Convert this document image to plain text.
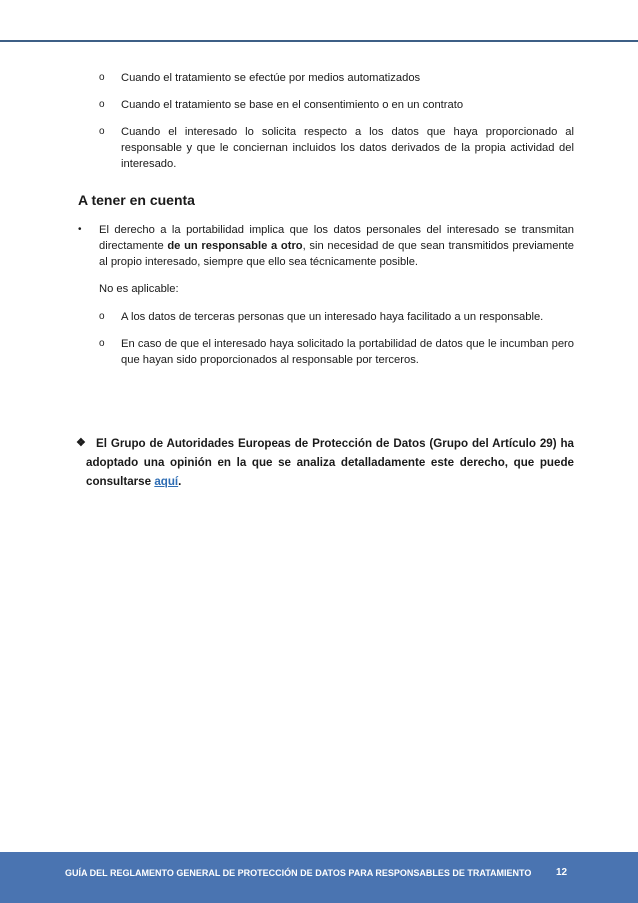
o Cuando el tratamiento se efectúe por medios automatizados
o Cuando el tratamiento se base en el consentimiento o en un contrato
o Cuando el interesado lo solicita respecto a los datos que haya proporcionado al responsable y que le conciernan incluidos los datos derivados de la propia actividad del interesado.
A tener en cuenta
• El derecho a la portabilidad implica que los datos personales del interesado se transmitan directamente de un responsable a otro, sin necesidad de que sean transmitidos previamente al propio interesado, siempre que ello sea técnicamente posible.
No es aplicable:
o A los datos de terceras personas que un interesado haya facilitado a un responsable.
o En caso de que el interesado haya solicitado la portabilidad de datos que le incumban pero que hayan sido proporcionados al responsable por terceros.
❖ El Grupo de Autoridades Europeas de Protección de Datos (Grupo del Artículo 29) ha adoptado una opinión en la que se analiza detalladamente este derecho, que puede consultarse aquí.
GUÍA DEL REGLAMENTO GENERAL DE PROTECCIÓN DE DATOS PARA RESPONSABLES DE TRATAMIENTO 12
